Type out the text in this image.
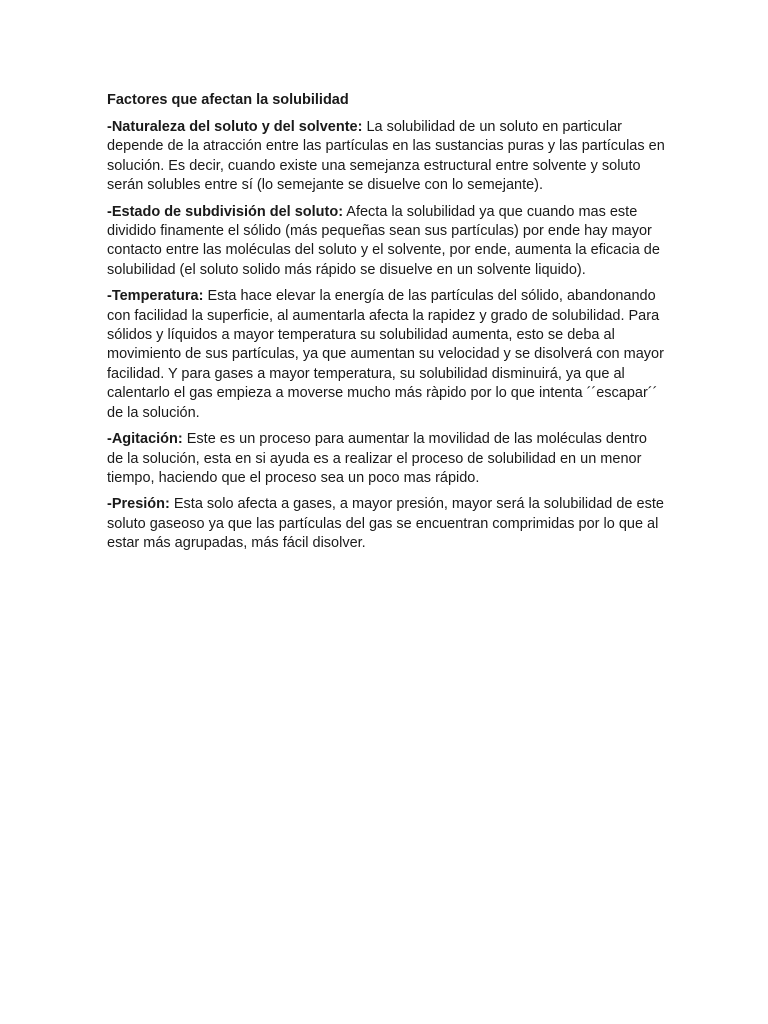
Factores que afectan la solubilidad

-Naturaleza del soluto y del solvente: La solubilidad de un soluto en particular depende de la atracción entre las partículas en las sustancias puras y las partículas en solución. Es decir, cuando existe una semejanza estructural entre solvente y soluto serán solubles entre sí (lo semejante se disuelve con lo semejante).

-Estado de subdivisión del soluto: Afecta la solubilidad ya que cuando mas este dividido finamente el sólido (más pequeñas sean sus partículas) por ende hay mayor contacto entre las moléculas del soluto y el solvente, por ende, aumenta la eficacia de solubilidad (el soluto solido más rápido se disuelve en un solvente liquido).

-Temperatura: Esta hace elevar la energía de las partículas del sólido, abandonando con facilidad la superficie, al aumentarla afecta la rapidez y grado de solubilidad. Para sólidos y líquidos a mayor temperatura su solubilidad aumenta, esto se deba al movimiento de sus partículas, ya que aumentan su velocidad y se disolverá con mayor facilidad. Y para gases a mayor temperatura, su solubilidad disminuirá, ya que al calentarlo el gas empieza a moverse mucho más ràpido por lo que intenta ´´escapar´´ de la solución.

-Agitación: Este es un proceso para aumentar la movilidad de las moléculas dentro de la solución, esta en si ayuda es a realizar el proceso de solubilidad en un menor tiempo, haciendo que el proceso sea un poco mas rápido.

-Presión: Esta solo afecta a gases, a mayor presión, mayor será la solubilidad de este soluto gaseoso ya que las partículas del gas se encuentran comprimidas por lo que al estar más agrupadas, más fácil disolver.
